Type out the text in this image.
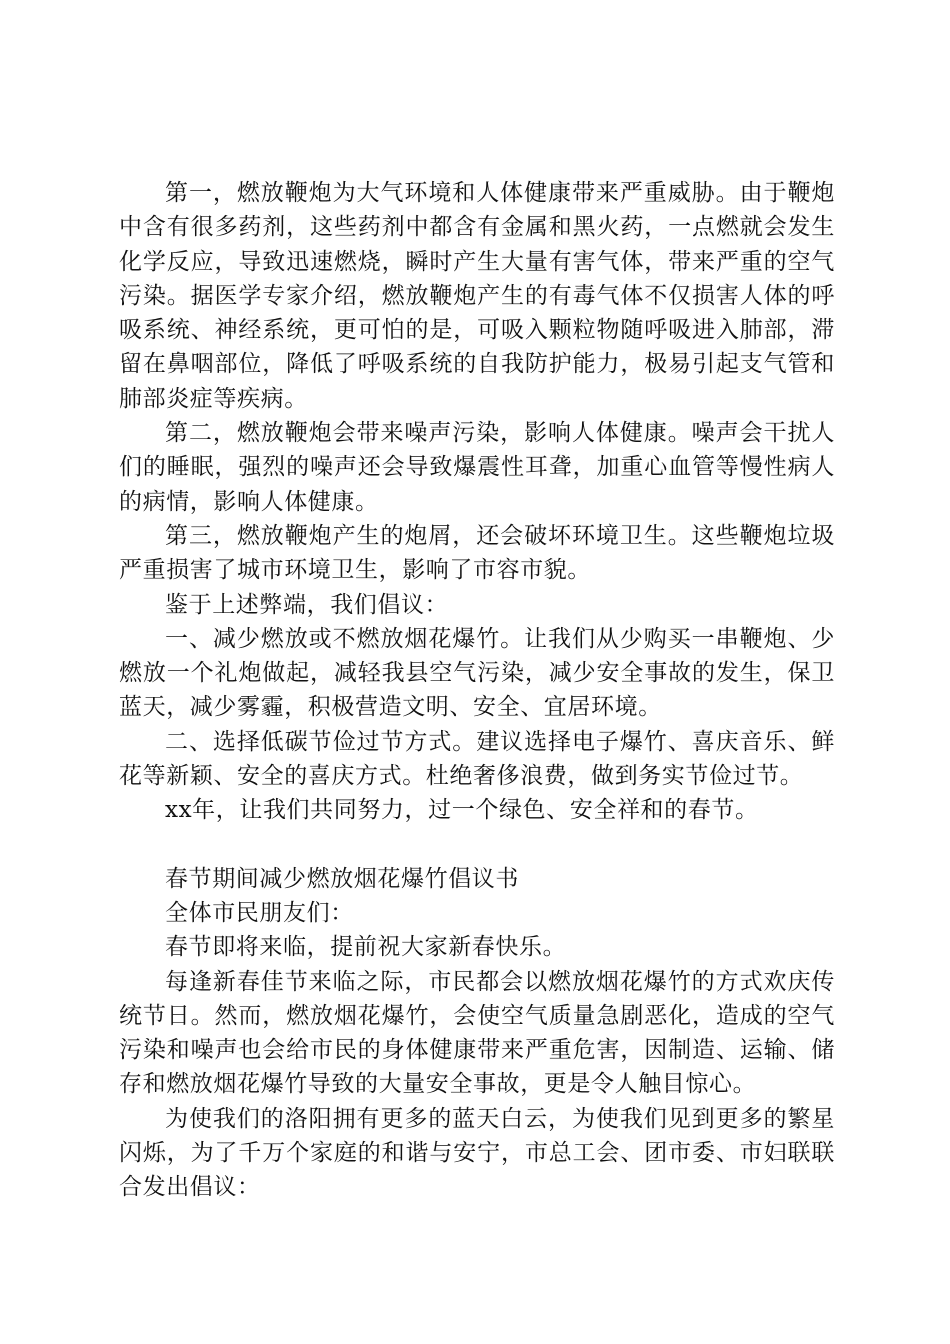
第一，燃放鞭炮为大气环境和人体健康带来严重威胁。由于鞭炮中含有很多药剂，这些药剂中都含有金属和黑火药，一点燃就会发生化学反应，导致迅速燃烧，瞬时产生大量有害气体，带来严重的空气污染。据医学专家介绍，燃放鞭炮产生的有毒气体不仅损害人体的呼吸系统、神经系统，更可怕的是，可吸入颗粒物随呼吸进入肺部，滞留在鼻咽部位，降低了呼吸系统的自我防护能力，极易引起支气管和肺部炎症等疾病。

第二，燃放鞭炮会带来噪声污染，影响人体健康。噪声会干扰人们的睡眠，强烈的噪声还会导致爆震性耳聋，加重心血管等慢性病人的病情，影响人体健康。

第三，燃放鞭炮产生的炮屑，还会破坏环境卫生。这些鞭炮垃圾严重损害了城市环境卫生，影响了市容市貌。

鉴于上述弊端，我们倡议：

一、减少燃放或不燃放烟花爆竹。让我们从少购买一串鞭炮、少燃放一个礼炮做起，减轻我县空气污染，减少安全事故的发生，保卫蓝天，减少雾霾，积极营造文明、安全、宜居环境。

二、选择低碳节俭过节方式。建议选择电子爆竹、喜庆音乐、鲜花等新颖、安全的喜庆方式。杜绝奢侈浪费，做到务实节俭过节。

xx年，让我们共同努力，过一个绿色、安全祥和的春节。

春节期间减少燃放烟花爆竹倡议书

全体市民朋友们：

春节即将来临，提前祝大家新春快乐。

每逢新春佳节来临之际，市民都会以燃放烟花爆竹的方式欢庆传统节日。然而，燃放烟花爆竹，会使空气质量急剧恶化，造成的空气污染和噪声也会给市民的身体健康带来严重危害，因制造、运输、储存和燃放烟花爆竹导致的大量安全事故，更是令人触目惊心。

为使我们的洛阳拥有更多的蓝天白云，为使我们见到更多的繁星闪烁，为了千万个家庭的和谐与安宁，市总工会、团市委、市妇联联合发出倡议：
